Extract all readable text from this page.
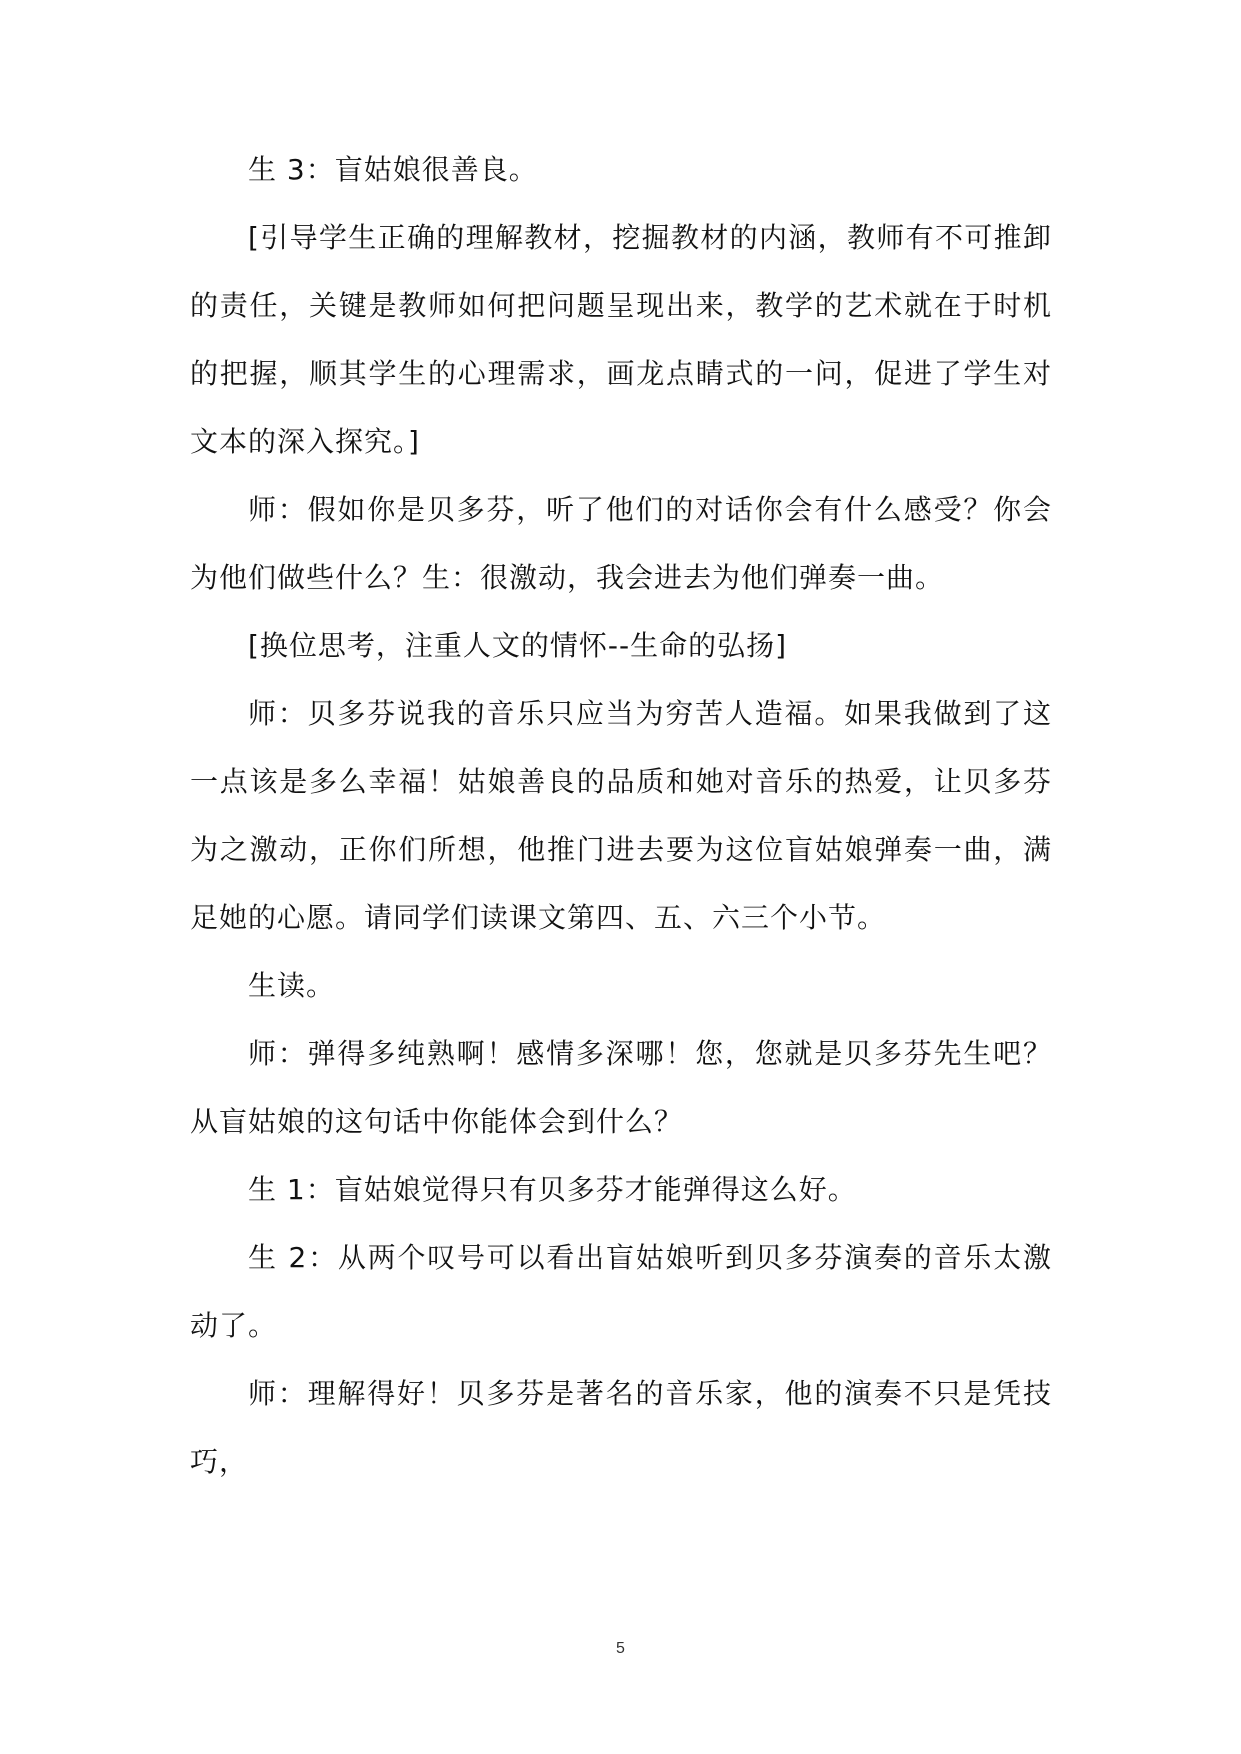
生 3：盲姑娘很善良。

[引导学生正确的理解教材，挖掘教材的内涵，教师有不可推卸的责任，关键是教师如何把问题呈现出来，教学的艺术就在于时机的把握，顺其学生的心理需求，画龙点睛式的一问，促进了学生对文本的深入探究。]

师：假如你是贝多芬，听了他们的对话你会有什么感受？你会为他们做些什么？生：很激动，我会进去为他们弹奏一曲。

[换位思考，注重人文的情怀--生命的弘扬]

师：贝多芬说我的音乐只应当为穷苦人造福。如果我做到了这一点该是多么幸福！姑娘善良的品质和她对音乐的热爱，让贝多芬为之激动，正你们所想，他推门进去要为这位盲姑娘弹奏一曲，满足她的心愿。请同学们读课文第四、五、六三个小节。

生读。

师：弹得多纯熟啊！感情多深哪！您，您就是贝多芬先生吧？从盲姑娘的这句话中你能体会到什么？

生 1：盲姑娘觉得只有贝多芬才能弹得这么好。

生 2：从两个叹号可以看出盲姑娘听到贝多芬演奏的音乐太激动了。

师：理解得好！贝多芬是著名的音乐家，他的演奏不只是凭技巧，

5
